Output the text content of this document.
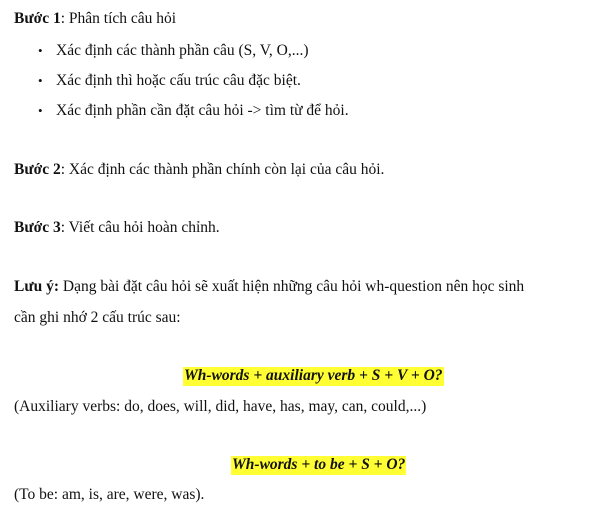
Bước 1: Phân tích câu hỏi
• Xác định các thành phần câu (S, V, O,...)
• Xác định thì hoặc cấu trúc câu đặc biệt.
• Xác định phần cần đặt câu hỏi -> tìm từ để hỏi.
Bước 2: Xác định các thành phần chính còn lại của câu hỏi.
Bước 3: Viết câu hỏi hoàn chỉnh.
Lưu ý: Dạng bài đặt câu hỏi sẽ xuất hiện những câu hỏi wh-question nên học sinh
cần ghi nhớ 2 cấu trúc sau:
Wh-words + auxiliary verb + S + V + O?
(Auxiliary verbs: do, does, will, did, have, has, may, can, could,...)
Wh-words + to be + S + O?
(To be: am, is, are, were, was).
